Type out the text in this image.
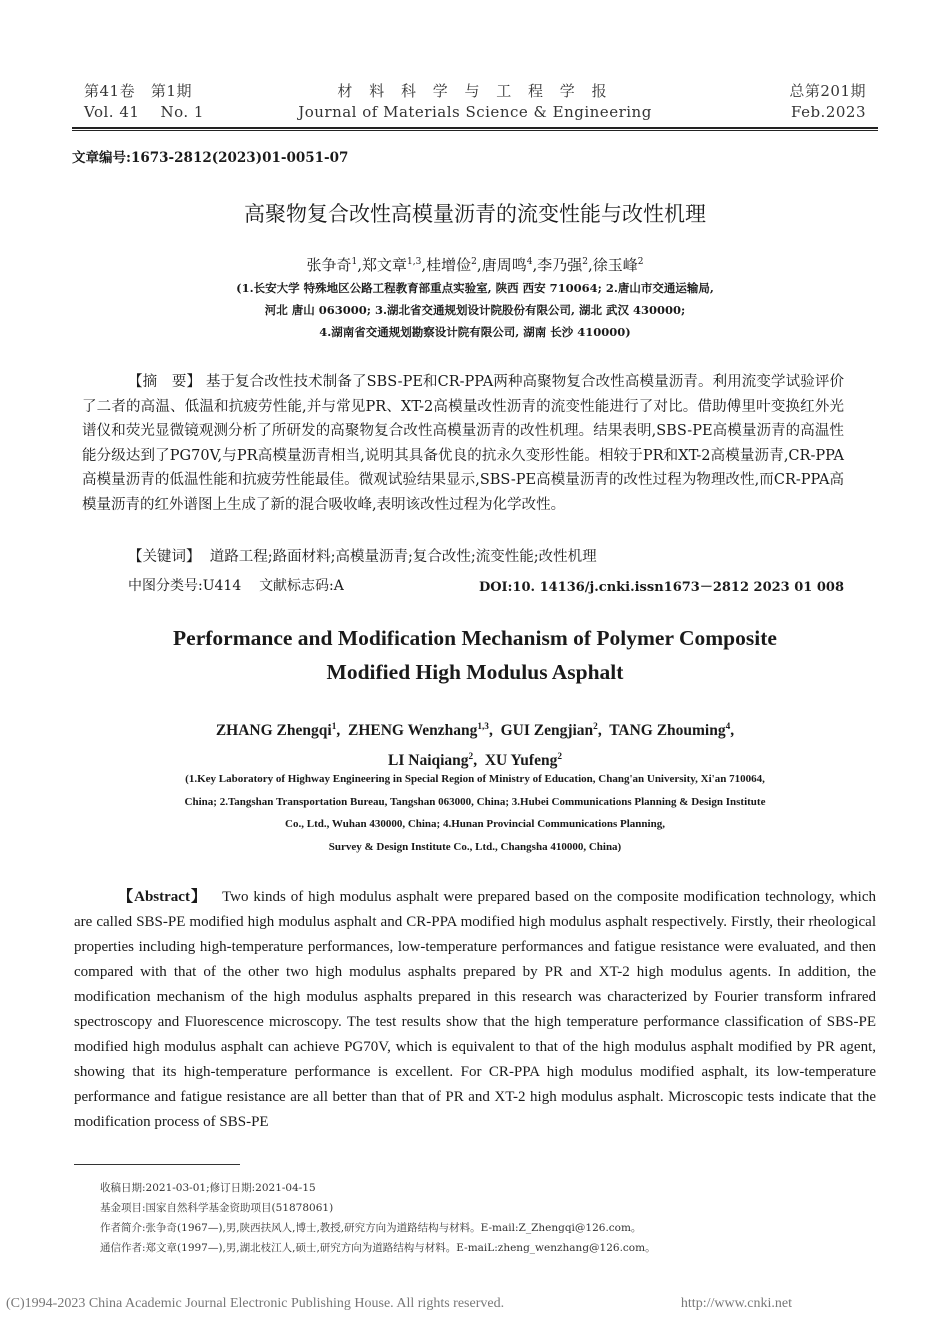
第41卷 第1期	材 料 科 学 与 工 程 学 报	总第201期
Vol. 41 No. 1	Journal of Materials Science & Engineering	Feb.2023
文章编号:1673-2812(2023)01-0051-07
高聚物复合改性高模量沥青的流变性能与改性机理
张争奇$^1$,郑文章$^{1,3}$,桂增俭$^2$,唐周鸣$^4$,李乃强$^2$,徐玉峰$^2$
(1.长安大学 特殊地区公路工程教育部重点实验室, 陕西 西安 710064; 2.唐山市交通运输局,
河北 唐山 063000; 3.湖北省交通规划设计院股份有限公司, 湖北 武汉 430000;
4.湖南省交通规划勘察设计院有限公司, 湖南 长沙 410000)
【摘　要】 基于复合改性技术制备了SBS-PE和CR-PPA两种高聚物复合改性高模量沥青。利用流变学试验评价了二者的高温、低温和抗疲劳性能,并与常见PR、XT-2高模量改性沥青的流变性能进行了对比。借助傅里叶变换红外光谱仪和荧光显微镜观测分析了所研发的高聚物复合改性高模量沥青的改性机理。结果表明,SBS-PE高模量沥青的高温性能分级达到了PG70V,与PR高模量沥青相当,说明其具备优良的抗永久变形性能。相较于PR和XT-2高模量沥青,CR-PPA高模量沥青的低温性能和抗疲劳性能最佳。微观试验结果显示,SBS-PE高模量沥青的改性过程为物理改性,而CR-PPA高模量沥青的红外谱图上生成了新的混合吸收峰,表明该改性过程为化学改性。
【关键词】 道路工程;路面材料;高模量沥青;复合改性;流变性能;改性机理
中图分类号:U414 文献标志码:A	DOI:10. 14136/j.cnki.issn1673－2812 2023 01 008
Performance and Modification Mechanism of Polymer Composite
Modified High Modulus Asphalt
ZHANG Zhengqi$^1$,  ZHENG Wenzhang$^{1,3}$,  GUI Zengjian$^2$,  TANG Zhouming$^4$,
LI Naiqiang$^2$,  XU Yufeng$^2$
(1.Key Laboratory of Highway Engineering in Special Region of Ministry of Education, Chang'an University, Xi'an 710064,
China; 2.Tangshan Transportation Bureau, Tangshan 063000, China; 3.Hubei Communications Planning & Design Institute
Co., Ltd., Wuhan 430000, China; 4.Hunan Provincial Communications Planning,
Survey & Design Institute Co., Ltd., Changsha 410000, China)
【Abstract】 Two kinds of high modulus asphalt were prepared based on the composite modification technology, which are called SBS-PE modified high modulus asphalt and CR-PPA modified high modulus asphalt respectively. Firstly, their rheological properties including high-temperature performances, low-temperature performances and fatigue resistance were evaluated, and then compared with that of the other two high modulus asphalts prepared by PR and XT-2 high modulus agents. In addition, the modification mechanism of the high modulus asphalts prepared in this research was characterized by Fourier transform infrared spectroscopy and Fluorescence microscopy. The test results show that the high temperature performance classification of SBS-PE modified high modulus asphalt can achieve PG70V, which is equivalent to that of the high modulus asphalt modified by PR agent, showing that its high-temperature performance is excellent. For CR-PPA high modulus modified asphalt, its low-temperature performance and fatigue resistance are all better than that of PR and XT-2 high modulus asphalt. Microscopic tests indicate that the modification process of SBS-PE
收稿日期:2021-03-01;修订日期:2021-04-15
基金项目:国家自然科学基金资助项目(51878061)
作者简介:张争奇(1967—),男,陕西扶风人,博士,教授,研究方向为道路结构与材料。E-mail:Z_Zhengqi@126.com。
通信作者:郑文章(1997—),男,湖北枝江人,硕士,研究方向为道路结构与材料。E-maiL:zheng_wenzhang@126.com。
(C)1994-2023 China Academic Journal Electronic Publishing House. All rights reserved.	http://www.cnki.net
